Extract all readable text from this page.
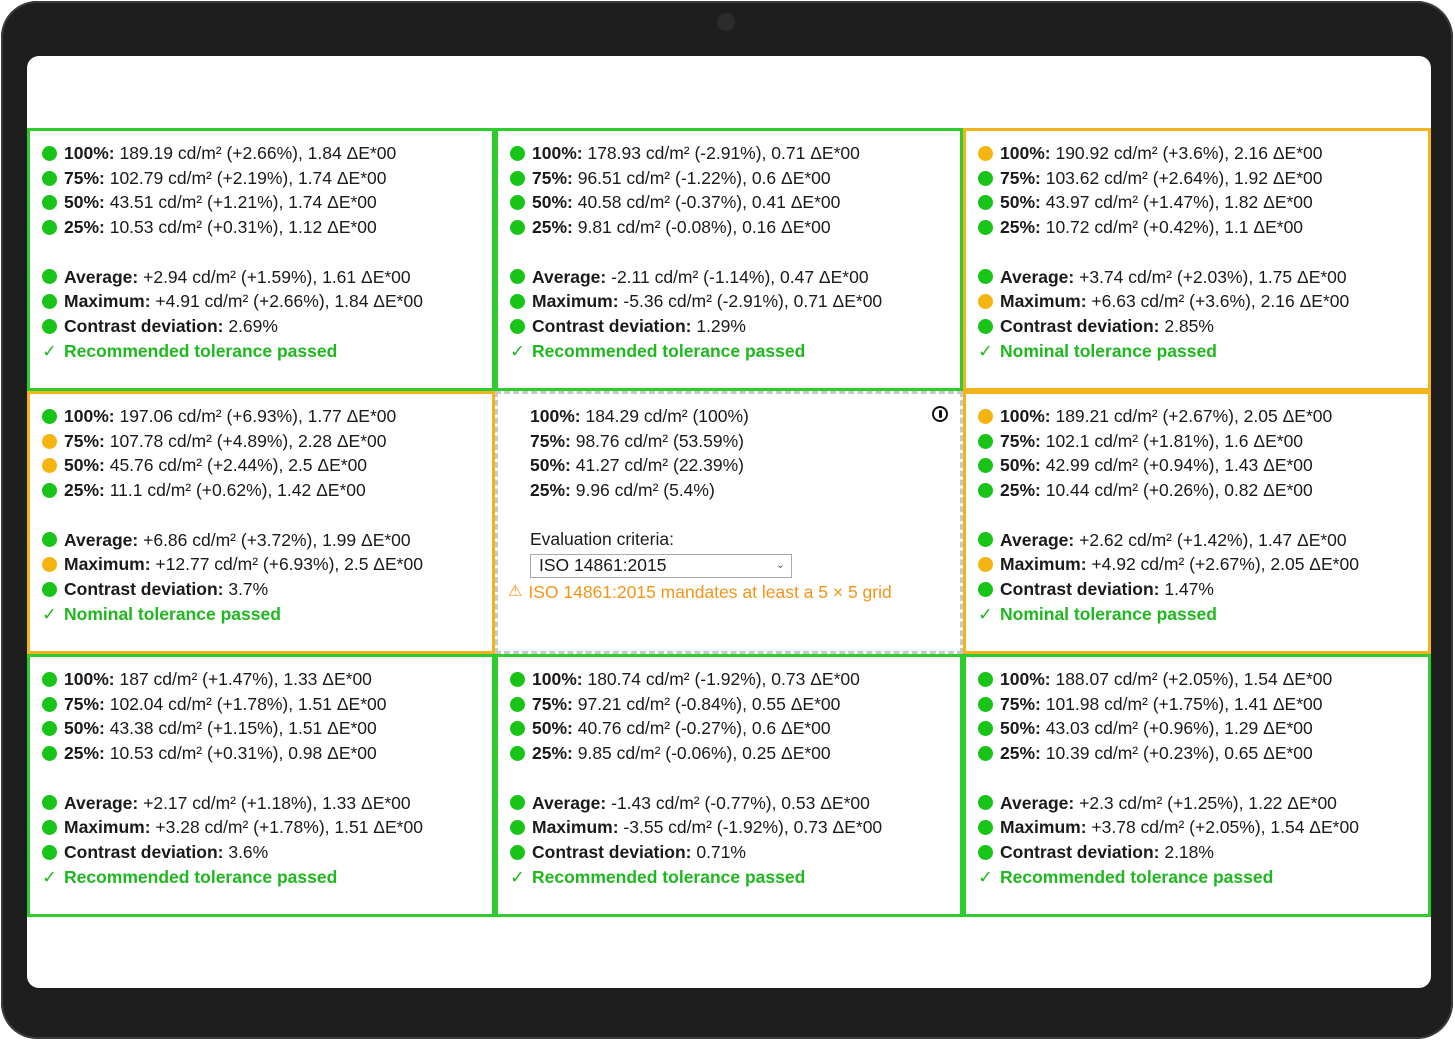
100%: 189.19 cd/m² (+2.66%), 1.84 ΔE*00
75%: 102.79 cd/m² (+2.19%), 1.74 ΔE*00
50%: 43.51 cd/m² (+1.21%), 1.74 ΔE*00
25%: 10.53 cd/m² (+0.31%), 1.12 ΔE*00
Average: +2.94 cd/m² (+1.59%), 1.61 ΔE*00
Maximum: +4.91 cd/m² (+2.66%), 1.84 ΔE*00
Contrast deviation: 2.69%
✓ Recommended tolerance passed
100%: 178.93 cd/m² (-2.91%), 0.71 ΔE*00
75%: 96.51 cd/m² (-1.22%), 0.6 ΔE*00
50%: 40.58 cd/m² (-0.37%), 0.41 ΔE*00
25%: 9.81 cd/m² (-0.08%), 0.16 ΔE*00
Average: -2.11 cd/m² (-1.14%), 0.47 ΔE*00
Maximum: -5.36 cd/m² (-2.91%), 0.71 ΔE*00
Contrast deviation: 1.29%
✓ Recommended tolerance passed
100%: 190.92 cd/m² (+3.6%), 2.16 ΔE*00
75%: 103.62 cd/m² (+2.64%), 1.92 ΔE*00
50%: 43.97 cd/m² (+1.47%), 1.82 ΔE*00
25%: 10.72 cd/m² (+0.42%), 1.1 ΔE*00
Average: +3.74 cd/m² (+2.03%), 1.75 ΔE*00
Maximum: +6.63 cd/m² (+3.6%), 2.16 ΔE*00
Contrast deviation: 2.85%
✓ Nominal tolerance passed
100%: 197.06 cd/m² (+6.93%), 1.77 ΔE*00
75%: 107.78 cd/m² (+4.89%), 2.28 ΔE*00
50%: 45.76 cd/m² (+2.44%), 2.5 ΔE*00
25%: 11.1 cd/m² (+0.62%), 1.42 ΔE*00
Average: +6.86 cd/m² (+3.72%), 1.99 ΔE*00
Maximum: +12.77 cd/m² (+6.93%), 2.5 ΔE*00
Contrast deviation: 3.7%
✓ Nominal tolerance passed
100%: 184.29 cd/m² (100%)
75%: 98.76 cd/m² (53.59%)
50%: 41.27 cd/m² (22.39%)
25%: 9.96 cd/m² (5.4%)
Evaluation criteria:
ISO 14861:2015	⌄
⚠ ISO 14861:2015 mandates at least a 5 × 5 grid
100%: 189.21 cd/m² (+2.67%), 2.05 ΔE*00
75%: 102.1 cd/m² (+1.81%), 1.6 ΔE*00
50%: 42.99 cd/m² (+0.94%), 1.43 ΔE*00
25%: 10.44 cd/m² (+0.26%), 0.82 ΔE*00
Average: +2.62 cd/m² (+1.42%), 1.47 ΔE*00
Maximum: +4.92 cd/m² (+2.67%), 2.05 ΔE*00
Contrast deviation: 1.47%
✓ Nominal tolerance passed
100%: 187 cd/m² (+1.47%), 1.33 ΔE*00
75%: 102.04 cd/m² (+1.78%), 1.51 ΔE*00
50%: 43.38 cd/m² (+1.15%), 1.51 ΔE*00
25%: 10.53 cd/m² (+0.31%), 0.98 ΔE*00
Average: +2.17 cd/m² (+1.18%), 1.33 ΔE*00
Maximum: +3.28 cd/m² (+1.78%), 1.51 ΔE*00
Contrast deviation: 3.6%
✓ Recommended tolerance passed
100%: 180.74 cd/m² (-1.92%), 0.73 ΔE*00
75%: 97.21 cd/m² (-0.84%), 0.55 ΔE*00
50%: 40.76 cd/m² (-0.27%), 0.6 ΔE*00
25%: 9.85 cd/m² (-0.06%), 0.25 ΔE*00
Average: -1.43 cd/m² (-0.77%), 0.53 ΔE*00
Maximum: -3.55 cd/m² (-1.92%), 0.73 ΔE*00
Contrast deviation: 0.71%
✓ Recommended tolerance passed
100%: 188.07 cd/m² (+2.05%), 1.54 ΔE*00
75%: 101.98 cd/m² (+1.75%), 1.41 ΔE*00
50%: 43.03 cd/m² (+0.96%), 1.29 ΔE*00
25%: 10.39 cd/m² (+0.23%), 0.65 ΔE*00
Average: +2.3 cd/m² (+1.25%), 1.22 ΔE*00
Maximum: +3.78 cd/m² (+2.05%), 1.54 ΔE*00
Contrast deviation: 2.18%
✓ Recommended tolerance passed
